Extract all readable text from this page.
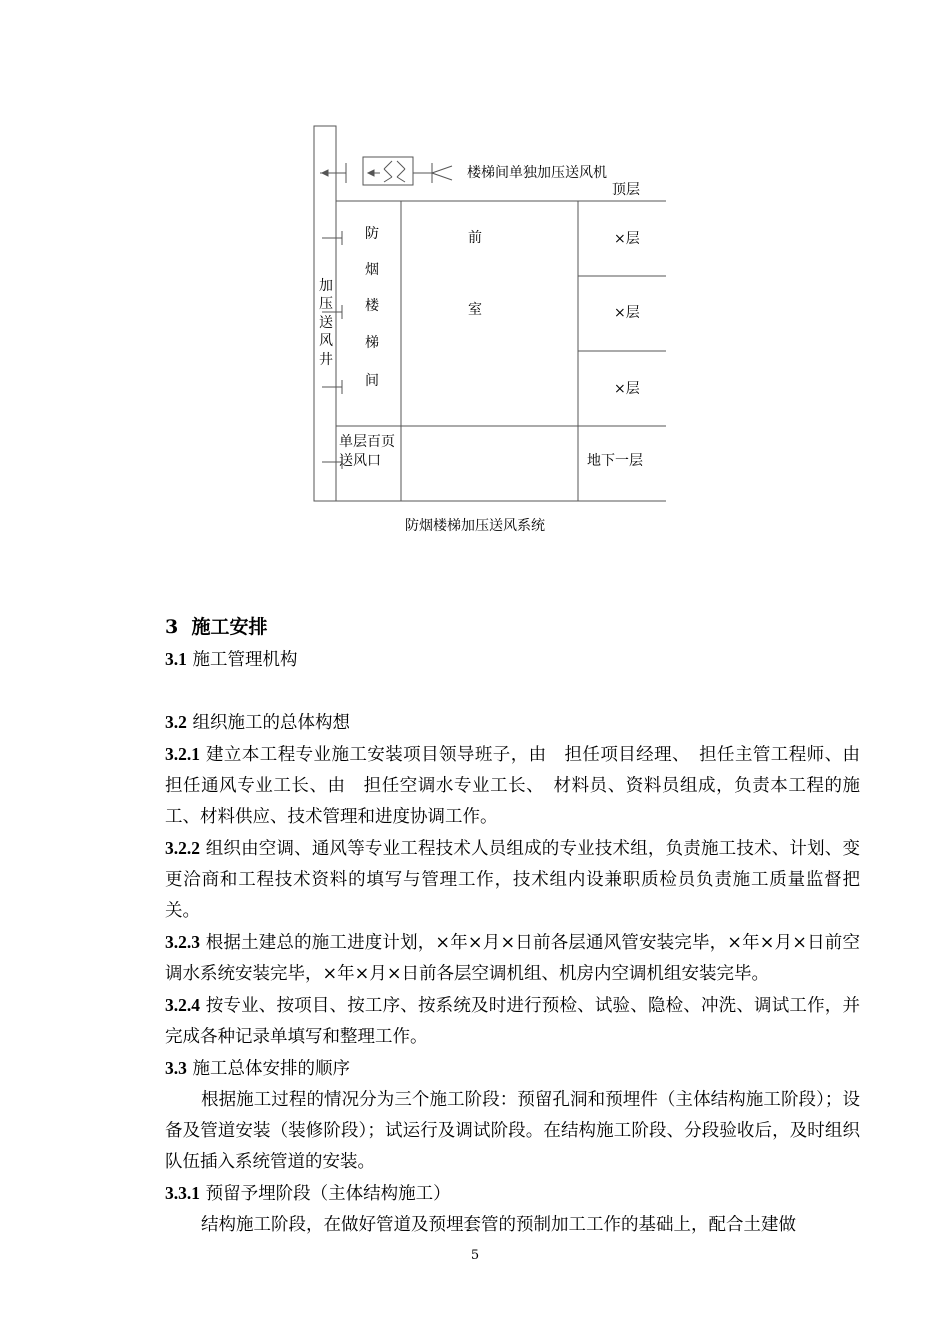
楼梯间单独加压送风机
顶层
加
压
送
风
井
防
烟
楼
梯
间
前
室
×层
×层
×层
地下一层
单层百页
送风口
防烟楼梯加压送风系统

3 施工安排

3.1 施工管理机构

3.2 组织施工的总体构想

3.2.1 建立本工程专业施工安装项目领导班子，由　担任项目经理、　担任主管工程师、由　担任通风专业工长、由　担任空调水专业工长、　材料员、资料员组成，负责本工程的施工、材料供应、技术管理和进度协调工作。

3.2.2 组织由空调、通风等专业工程技术人员组成的专业技术组，负责施工技术、计划、变更洽商和工程技术资料的填写与管理工作，技术组内设兼职质检员负责施工质量监督把关。

3.2.3 根据土建总的施工进度计划，×年×月×日前各层通风管安装完毕，×年×月×日前空调水系统安装完毕，×年×月×日前各层空调机组、机房内空调机组安装完毕。

3.2.4 按专业、按项目、按工序、按系统及时进行预检、试验、隐检、冲洗、调试工作，并完成各种记录单填写和整理工作。

3.3 施工总体安排的顺序

根据施工过程的情况分为三个施工阶段：预留孔洞和预埋件（主体结构施工阶段）；设备及管道安装（装修阶段）；试运行及调试阶段。在结构施工阶段、分段验收后，及时组织队伍插入系统管道的安装。

3.3.1 预留予埋阶段（主体结构施工）

结构施工阶段，在做好管道及预埋套管的预制加工工作的基础上，配合土建做

5
